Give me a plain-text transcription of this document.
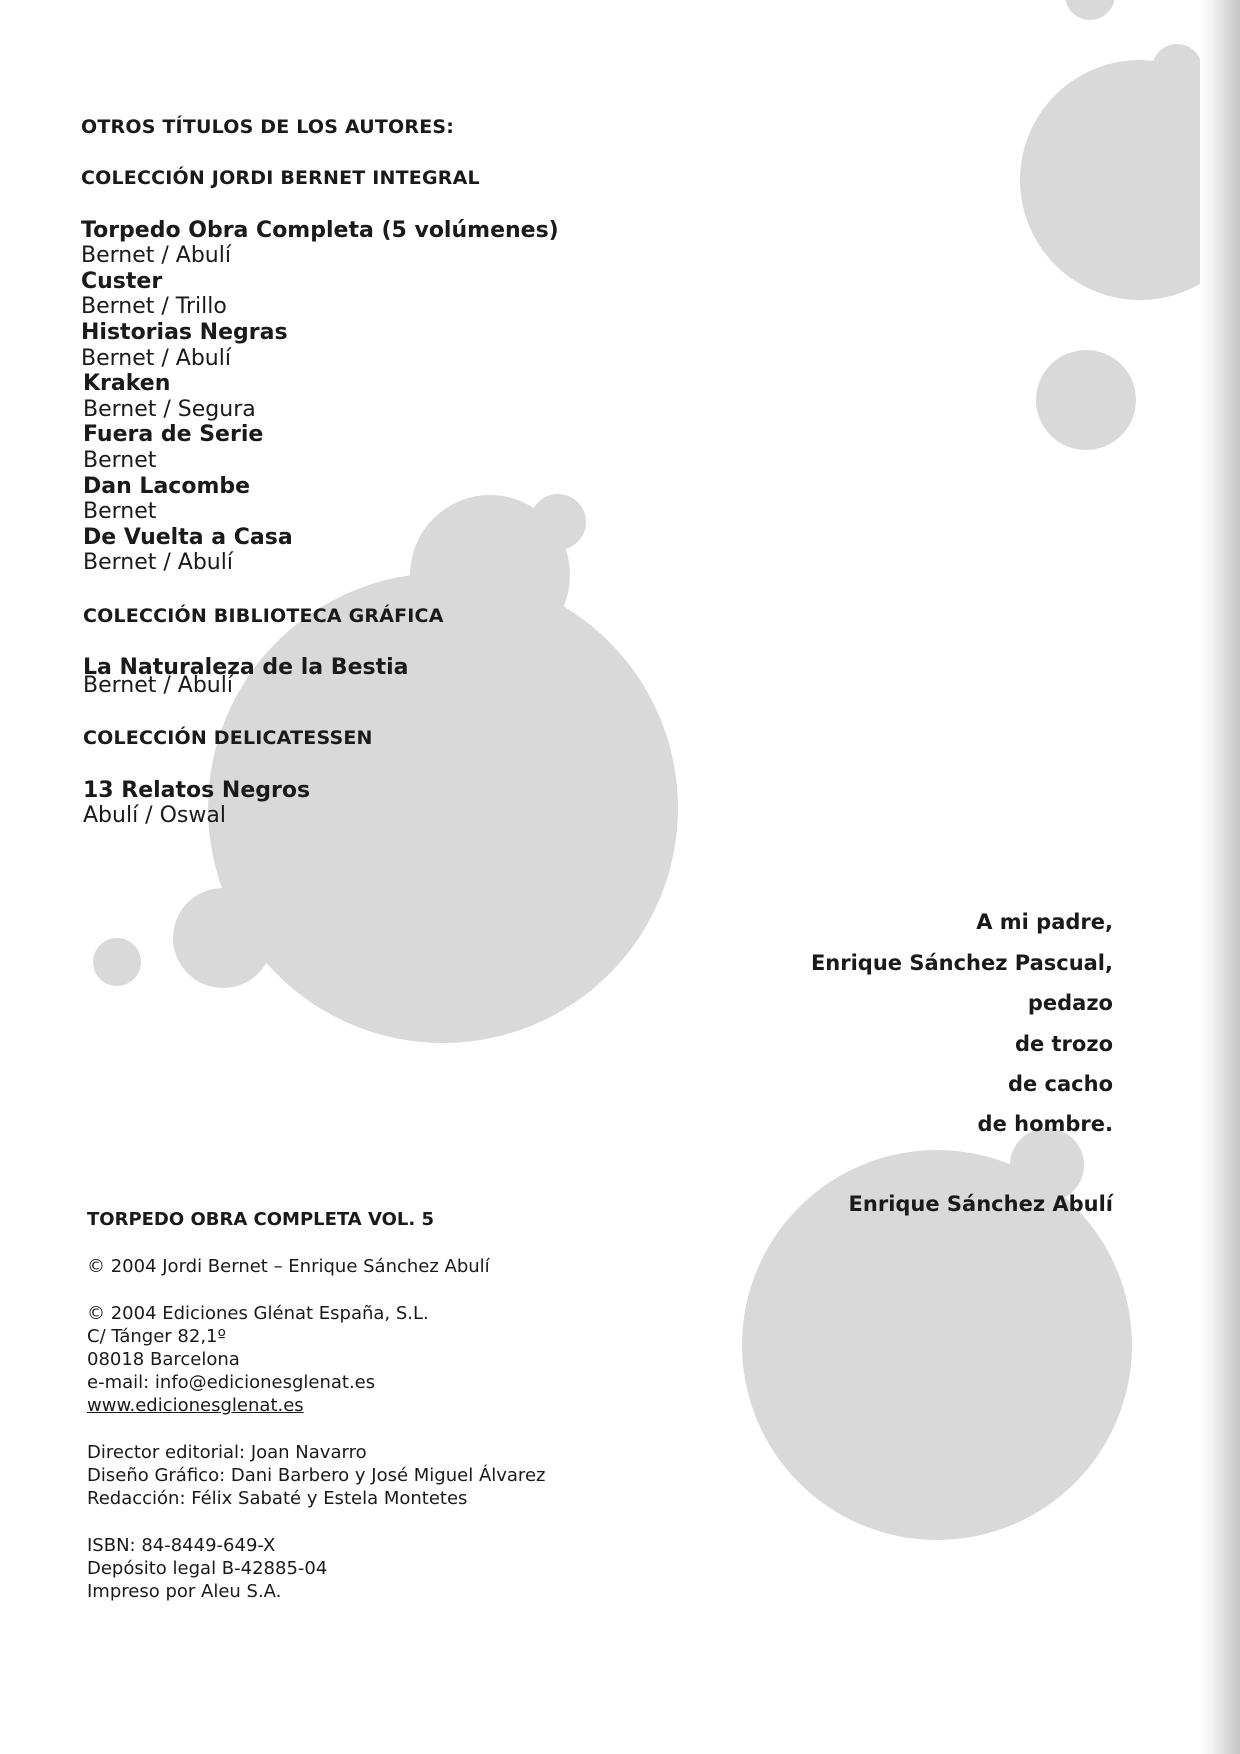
OTROS TÍTULOS DE LOS AUTORES:
COLECCIÓN JORDI BERNET INTEGRAL
Torpedo Obra Completa (5 volúmenes)
Bernet / Abulí
Custer
Bernet / Trillo
Historias Negras
Bernet / Abulí
Kraken
Bernet / Segura
Fuera de Serie
Bernet
Dan Lacombe
Bernet
De Vuelta a Casa
Bernet / Abulí
COLECCIÓN BIBLIOTECA GRÁFICA
La Naturaleza de la Bestia
Bernet / Abulí
COLECCIÓN DELICATESSEN
13 Relatos Negros
Abulí / Oswal
A mi padre,
Enrique Sánchez Pascual,
pedazo
de trozo
de cacho
de hombre.
Enrique Sánchez Abulí
TORPEDO OBRA COMPLETA VOL. 5
© 2004 Jordi Bernet – Enrique Sánchez Abulí
© 2004 Ediciones Glénat España, S.L.
C/ Tánger 82,1º
08018 Barcelona
e-mail: info@edicionesglenat.es
www.edicionesglenat.es
Director editorial: Joan Navarro
Diseño Gráfico: Dani Barbero y José Miguel Álvarez
Redacción: Félix Sabaté y Estela Montetes
ISBN: 84-8449-649-X
Depósito legal B-42885-04
Impreso por Aleu S.A.
